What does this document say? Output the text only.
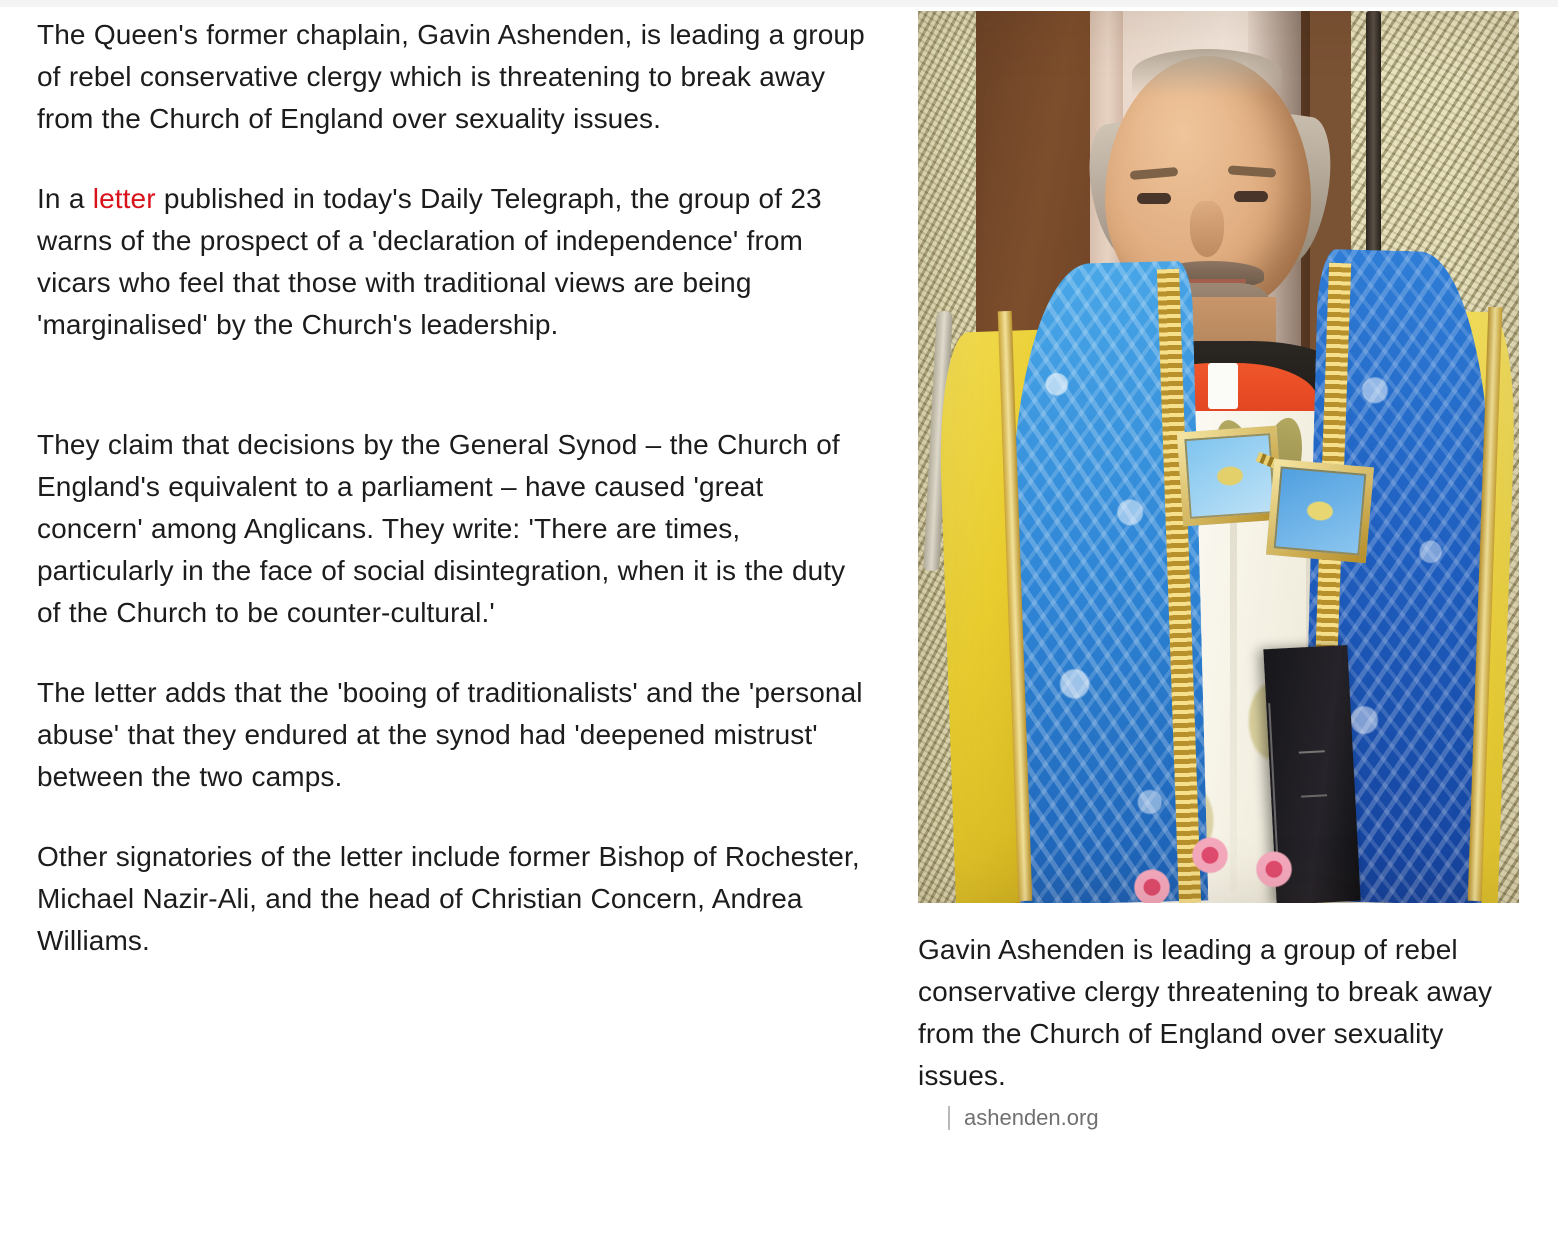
The Queen's former chaplain, Gavin Ashenden, is leading a group of rebel conservative clergy which is threatening to break away from the Church of England over sexuality issues.

In a letter published in today's Daily Telegraph, the group of 23 warns of the prospect of a 'declaration of independence' from vicars who feel that those with traditional views are being 'marginalised' by the Church's leadership.

They claim that decisions by the General Synod – the Church of England's equivalent to a parliament – have caused 'great concern' among Anglicans. They write: 'There are times, particularly in the face of social disintegration, when it is the duty of the Church to be counter-cultural.'

The letter adds that the 'booing of traditionalists' and the 'personal abuse' that they endured at the synod had 'deepened mistrust' between the two camps.

Other signatories of the letter include former Bishop of Rochester, Michael Nazir-Ali, and the head of Christian Concern, Andrea Williams.	Gavin Ashenden is leading a group of rebel conservative clergy threatening to break away from the Church of England over sexuality issues.

ashenden.org
